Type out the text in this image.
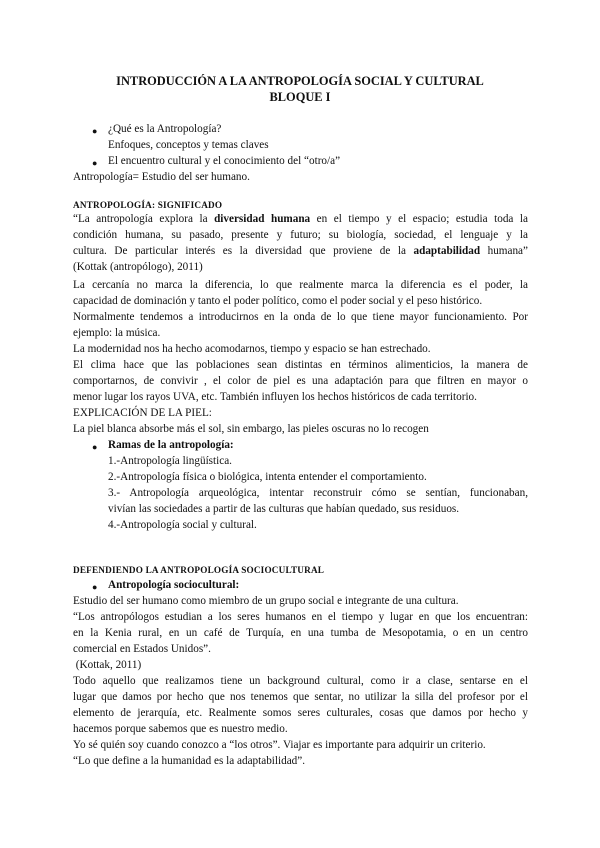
INTRODUCCIÓN A LA ANTROPOLOGÍA SOCIAL Y CULTURAL
BLOQUE I
● ¿Qué es la Antropología?
Enfoques, conceptos y temas claves
● El encuentro cultural y el conocimiento del “otro/a”
Antropología= Estudio del ser humano.
ANTROPOLOGÍA: SIGNIFICADO
“La antropología explora la diversidad humana en el tiempo y el espacio; estudia toda la
condición humana, su pasado, presente y futuro; su biología, sociedad, el lenguaje y la
cultura. De particular interés es la diversidad que proviene de la adaptabilidad humana”
(Kottak (antropólogo), 2011)
La cercanía no marca la diferencia, lo que realmente marca la diferencia es el poder, la
capacidad de dominación y tanto el poder político, como el poder social y el peso histórico.
Normalmente tendemos a introducirnos en la onda de lo que tiene mayor funcionamiento. Por
ejemplo: la música.
La modernidad nos ha hecho acomodarnos, tiempo y espacio se han estrechado.
El clima hace que las poblaciones sean distintas en términos alimenticios, la manera de
comportarnos, de convivir , el color de piel es una adaptación para que filtren en mayor o
menor lugar los rayos UVA, etc. También influyen los hechos históricos de cada territorio.
EXPLICACIÓN DE LA PIEL:
La piel blanca absorbe más el sol, sin embargo, las pieles oscuras no lo recogen
● Ramas de la antropología:
1.-Antropología lingüística.
2.-Antropología física o biológica, intenta entender el comportamiento.
3.- Antropología arqueológica, intentar reconstruir cómo se sentían, funcionaban,
vivían las sociedades a partir de las culturas que habían quedado, sus residuos.
4.-Antropología social y cultural.
DEFENDIENDO LA ANTROPOLOGÍA SOCIOCULTURAL
● Antropología sociocultural:
Estudio del ser humano como miembro de un grupo social e integrante de una cultura.
“Los antropólogos estudian a los seres humanos en el tiempo y lugar en que los encuentran:
en la Kenia rural, en un café de Turquía, en una tumba de Mesopotamia, o en un centro
comercial en Estados Unidos”.
(Kottak, 2011)
Todo aquello que realizamos tiene un background cultural, como ir a clase, sentarse en el
lugar que damos por hecho que nos tenemos que sentar, no utilizar la silla del profesor por el
elemento de jerarquía, etc. Realmente somos seres culturales, cosas que damos por hecho y
hacemos porque sabemos que es nuestro medio.
Yo sé quién soy cuando conozco a “los otros”. Viajar es importante para adquirir un criterio.
“Lo que define a la humanidad es la adaptabilidad”.
